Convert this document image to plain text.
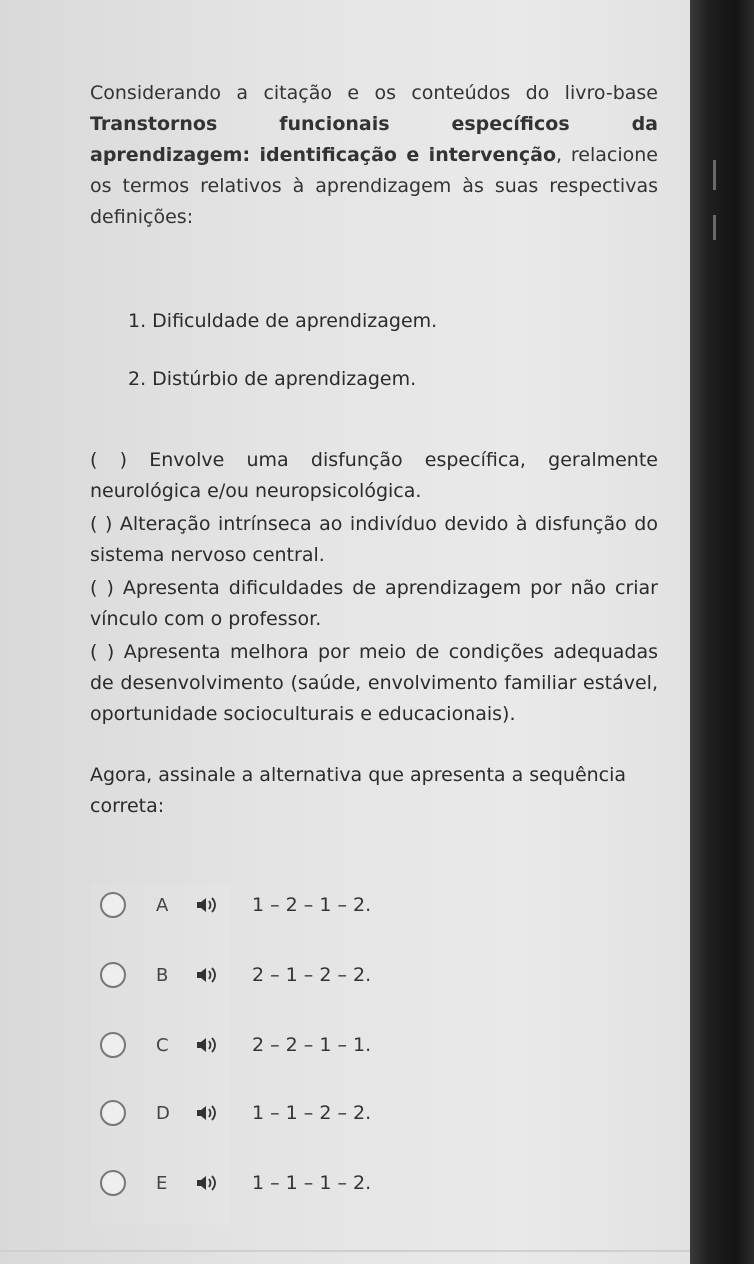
Considerando a citação e os conteúdos do livro-base Transtornos funcionais específicos da aprendizagem: identificação e intervenção, relacione os termos relativos à aprendizagem às suas respectivas definições:

1. Dificuldade de aprendizagem.
2. Distúrbio de aprendizagem.
( ) Envolve uma disfunção específica, geralmente neurológica e/ou neuropsicológica.
( ) Alteração intrínseca ao indivíduo devido à disfunção do sistema nervoso central.
( ) Apresenta dificuldades de aprendizagem por não criar vínculo com o professor.
( ) Apresenta melhora por meio de condições adequadas de desenvolvimento (saúde, envolvimento familiar estável, oportunidade socioculturais e educacionais).
Agora, assinale a alternativa que apresenta a sequência correta:
A	1 – 2 – 1 – 2.
B	2 – 1 – 2 – 2.
C	2 – 2 – 1 – 1.
D	1 – 1 – 2 – 2.
E	1 – 1 – 1 – 2.
